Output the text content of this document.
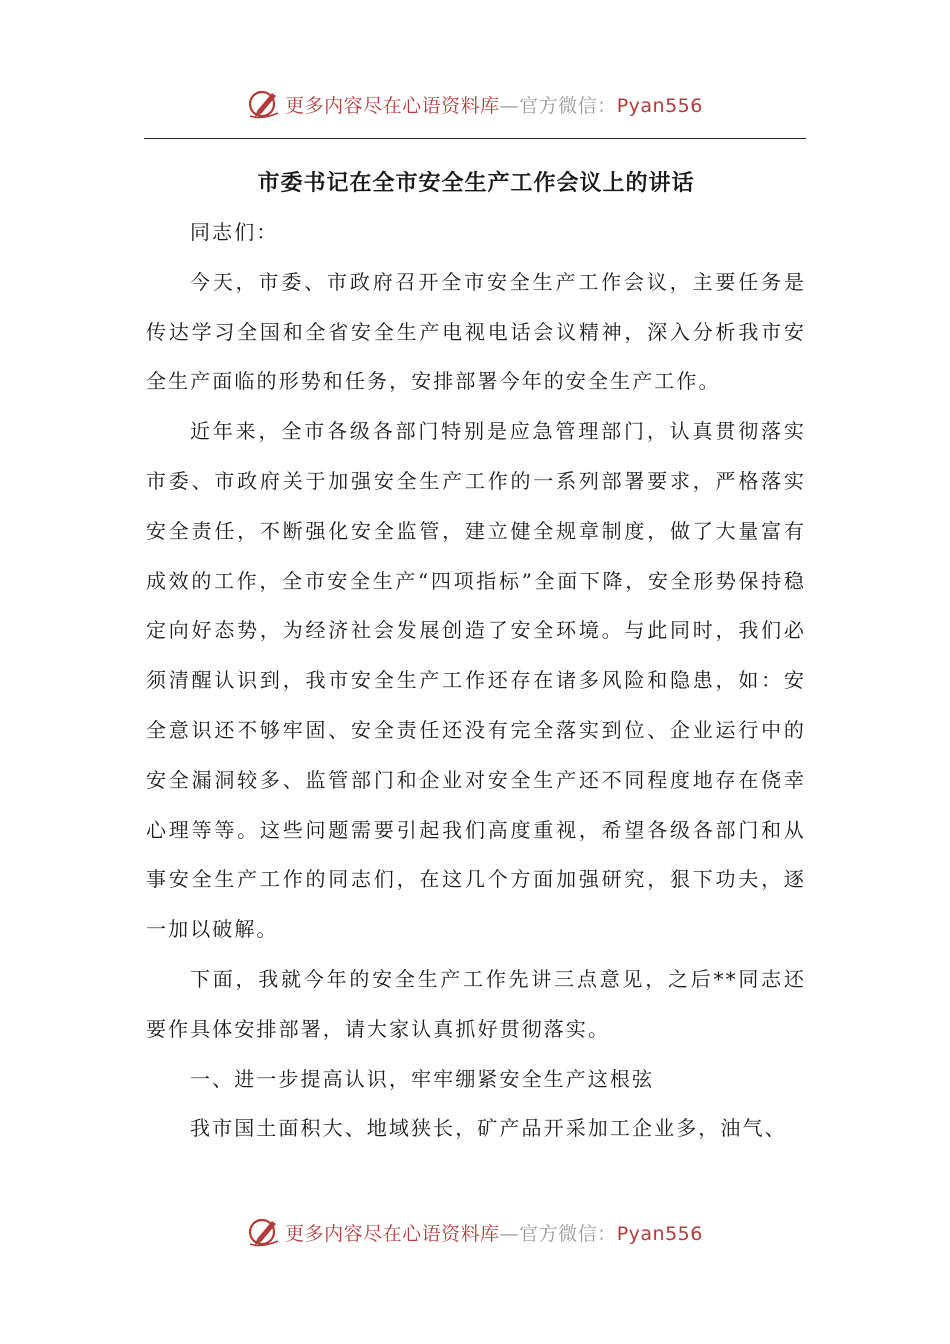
更多内容尽在心语资料库—官方微信：Pyan556
市委书记在全市安全生产工作会议上的讲话

同志们：

今天，市委、市政府召开全市安全生产工作会议，主要任务是传达学习全国和全省安全生产电视电话会议精神，深入分析我市安全生产面临的形势和任务，安排部署今年的安全生产工作。

近年来，全市各级各部门特别是应急管理部门，认真贯彻落实市委、市政府关于加强安全生产工作的一系列部署要求，严格落实安全责任，不断强化安全监管，建立健全规章制度，做了大量富有成效的工作，全市安全生产“四项指标”全面下降，安全形势保持稳定向好态势，为经济社会发展创造了安全环境。与此同时，我们必须清醒认识到，我市安全生产工作还存在诸多风险和隐患，如：安全意识还不够牢固、安全责任还没有完全落实到位、企业运行中的安全漏洞较多、监管部门和企业对安全生产还不同程度地存在侥幸心理等等。这些问题需要引起我们高度重视，希望各级各部门和从事安全生产工作的同志们，在这几个方面加强研究，狠下功夫，逐一加以破解。

下面，我就今年的安全生产工作先讲三点意见，之后**同志还要作具体安排部署，请大家认真抓好贯彻落实。

一、进一步提高认识，牢牢绷紧安全生产这根弦

我市国土面积大、地域狭长，矿产品开采加工企业多，油气、

更多内容尽在心语资料库—官方微信：Pyan556
